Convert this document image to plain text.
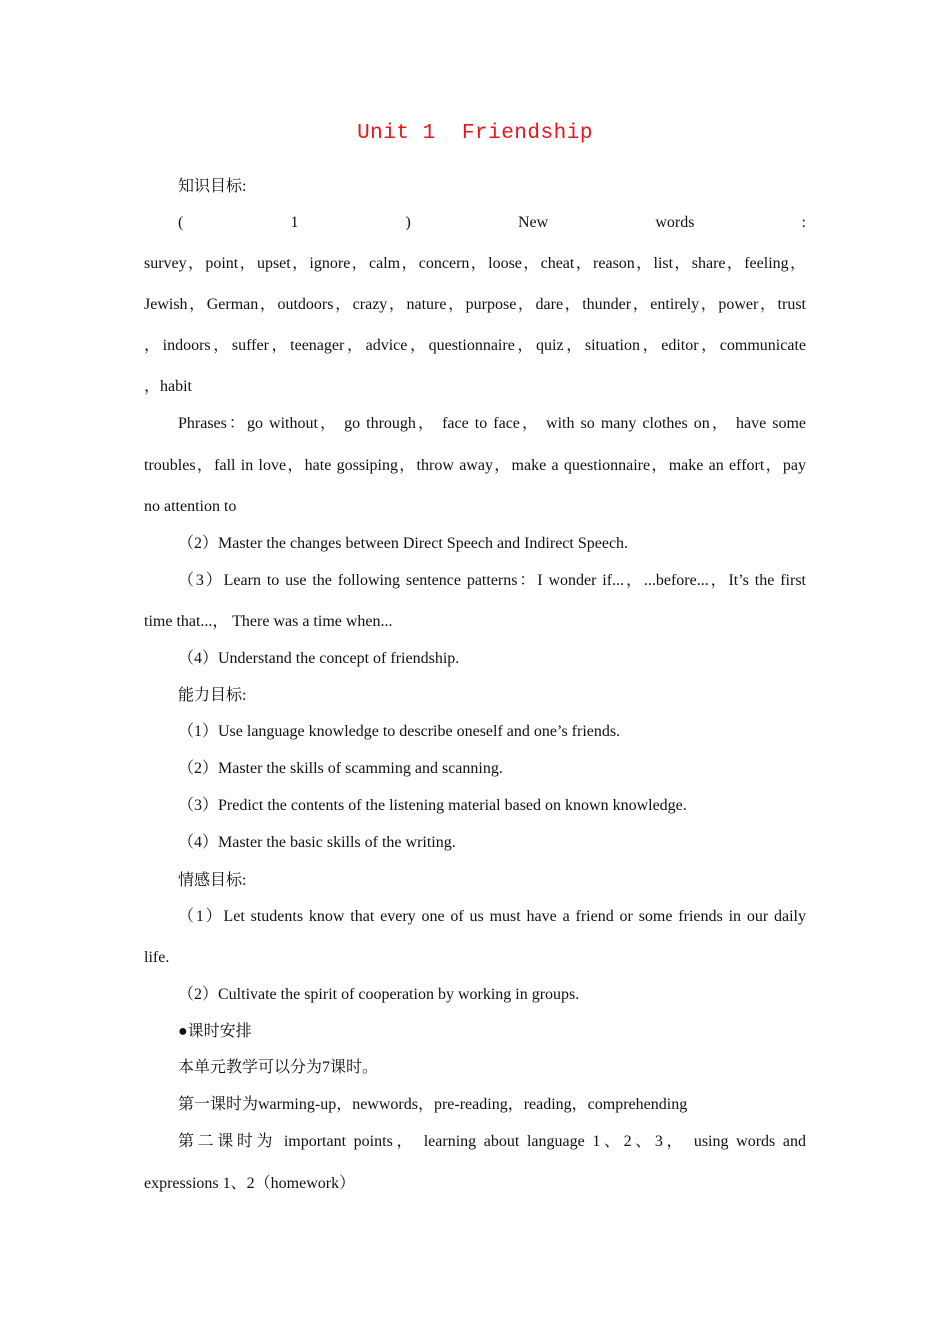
Unit 1  Friendship
知识目标:
(	1	)	New	words	:
survey，point，upset，ignore，calm，concern，loose，cheat，reason，list，share，feeling，
Jewish，German，outdoors，crazy，nature，purpose，dare，thunder，entirely，power，trust
，indoors，suffer，teenager，advice，questionnaire，quiz，situation，editor，communicate
，habit
Phrases：go without， go through， face to face， with so many clothes on， have some
troubles，fall in love，hate gossiping，throw away，make a questionnaire，make an effort，pay
no attention to
（2）Master the changes between Direct Speech and Indirect Speech.
（3）Learn to use the following sentence patterns：I wonder if...，...before...，It’s the first
time that...， There was a time when...
（4）Understand the concept of friendship.
能力目标:
（1）Use language knowledge to describe oneself and one’s friends.
（2）Master the skills of scamming and scanning.
（3）Predict the contents of the listening material based on known knowledge.
（4）Master the basic skills of the writing.
情感目标:
（1）Let students know that every one of us must have a friend or some friends in our daily
life.
（2）Cultivate the spirit of cooperation by working in groups.
●课时安排
本单元教学可以分为7课时。
第一课时为warming-up，newwords，pre-reading，reading，comprehending
第二课时为 important points， learning about language 1、2、3， using words and
expressions 1、2（homework）
